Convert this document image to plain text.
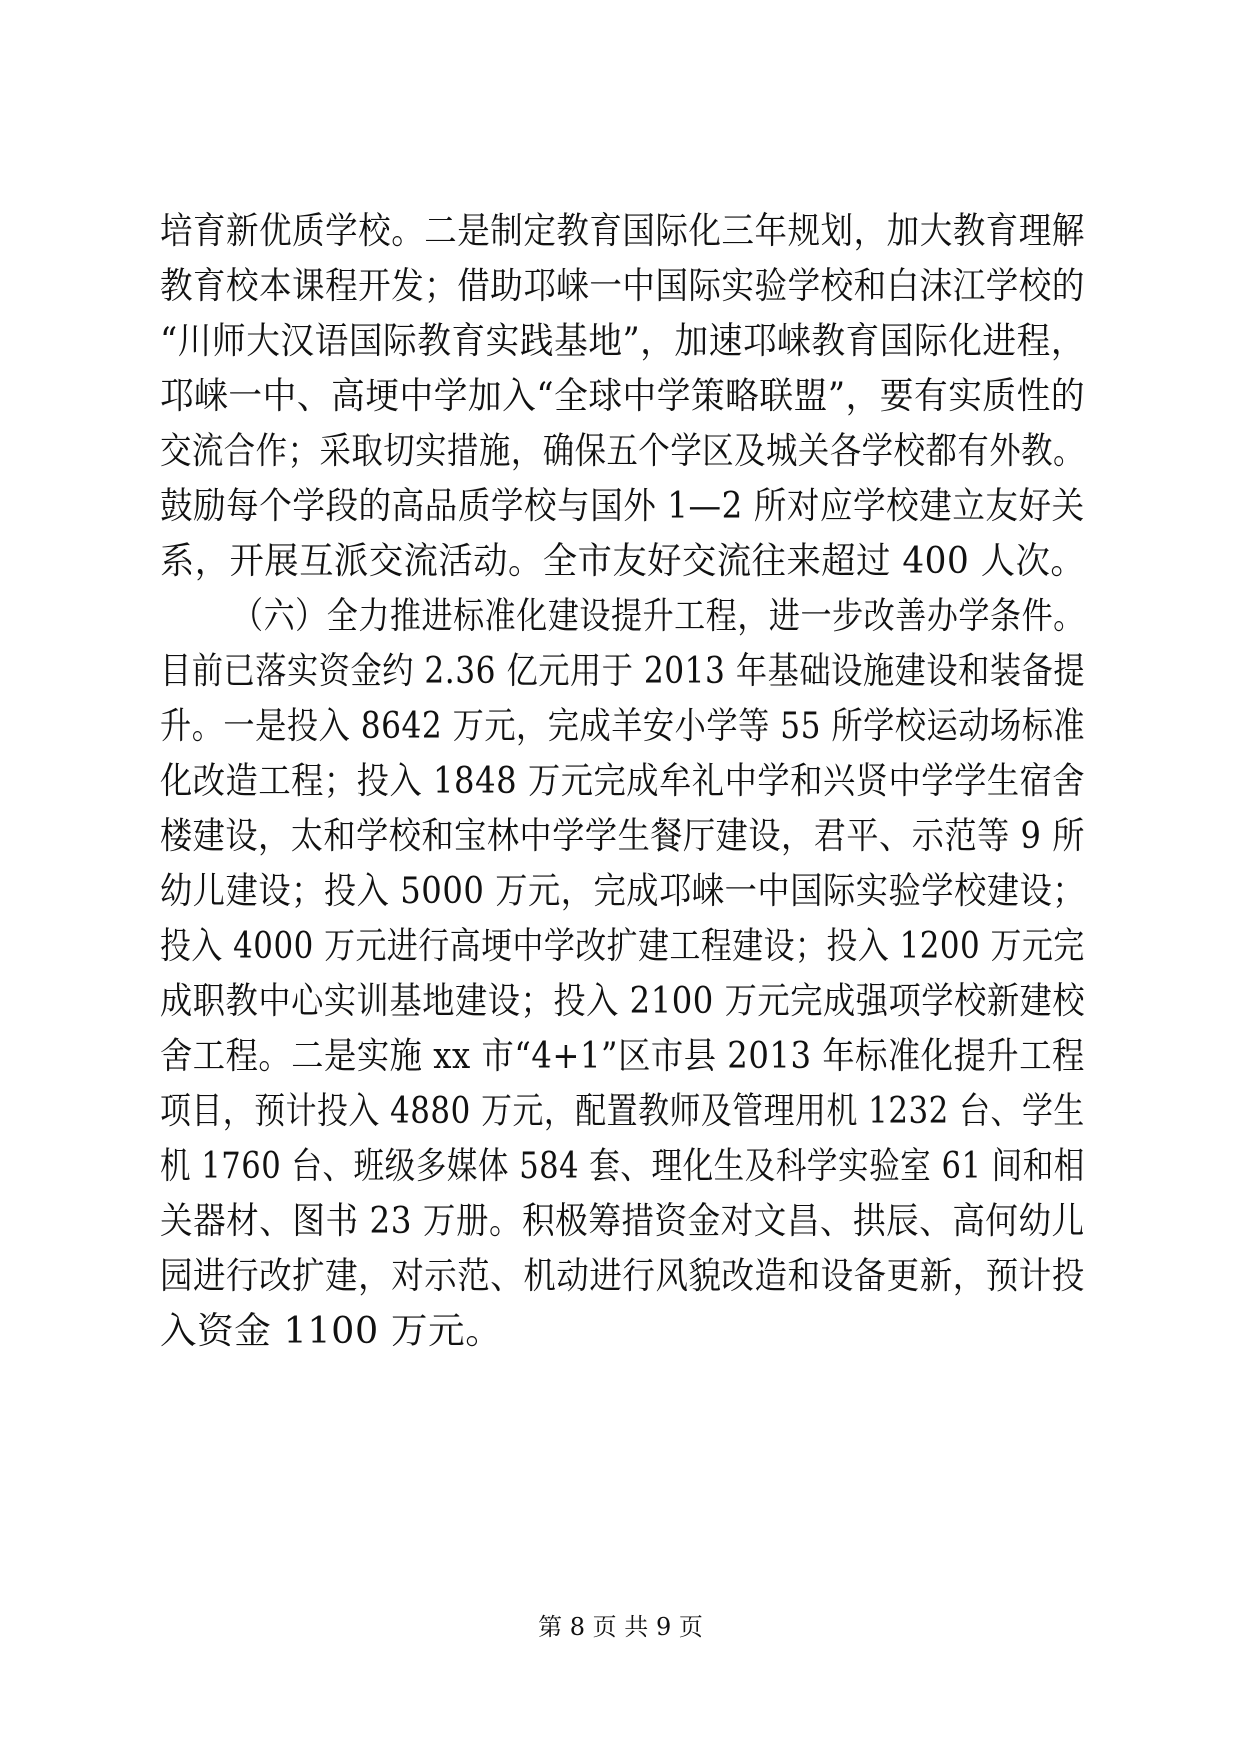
培育新优质学校。二是制定教育国际化三年规划，加大教育理解
教育校本课程开发；借助邛崃一中国际实验学校和白沫江学校的
“川师大汉语国际教育实践基地”，加速邛崃教育国际化进程，
邛崃一中、高埂中学加入“全球中学策略联盟”，要有实质性的
交流合作；采取切实措施，确保五个学区及城关各学校都有外教。
鼓励每个学段的高品质学校与国外 1—2 所对应学校建立友好关
系，开展互派交流活动。全市友好交流往来超过 400 人次。
（六）全力推进标准化建设提升工程，进一步改善办学条件。
目前已落实资金约 2.36 亿元用于 2013 年基础设施建设和装备提
升。一是投入 8642 万元，完成羊安小学等 55 所学校运动场标准
化改造工程；投入 1848 万元完成牟礼中学和兴贤中学学生宿舍
楼建设，太和学校和宝林中学学生餐厅建设，君平、示范等 9 所
幼儿建设；投入 5000 万元，完成邛崃一中国际实验学校建设；
投入 4000 万元进行高埂中学改扩建工程建设；投入 1200 万元完
成职教中心实训基地建设；投入 2100 万元完成强项学校新建校
舍工程。二是实施 xx 市“4+1”区市县 2013 年标准化提升工程
项目，预计投入 4880 万元，配置教师及管理用机 1232 台、学生
机 1760 台、班级多媒体 584 套、理化生及科学实验室 61 间和相
关器材、图书 23 万册。积极筹措资金对文昌、拱辰、高何幼儿
园进行改扩建，对示范、机动进行风貌改造和设备更新，预计投
入资金 1100 万元。
第 8 页 共 9 页
